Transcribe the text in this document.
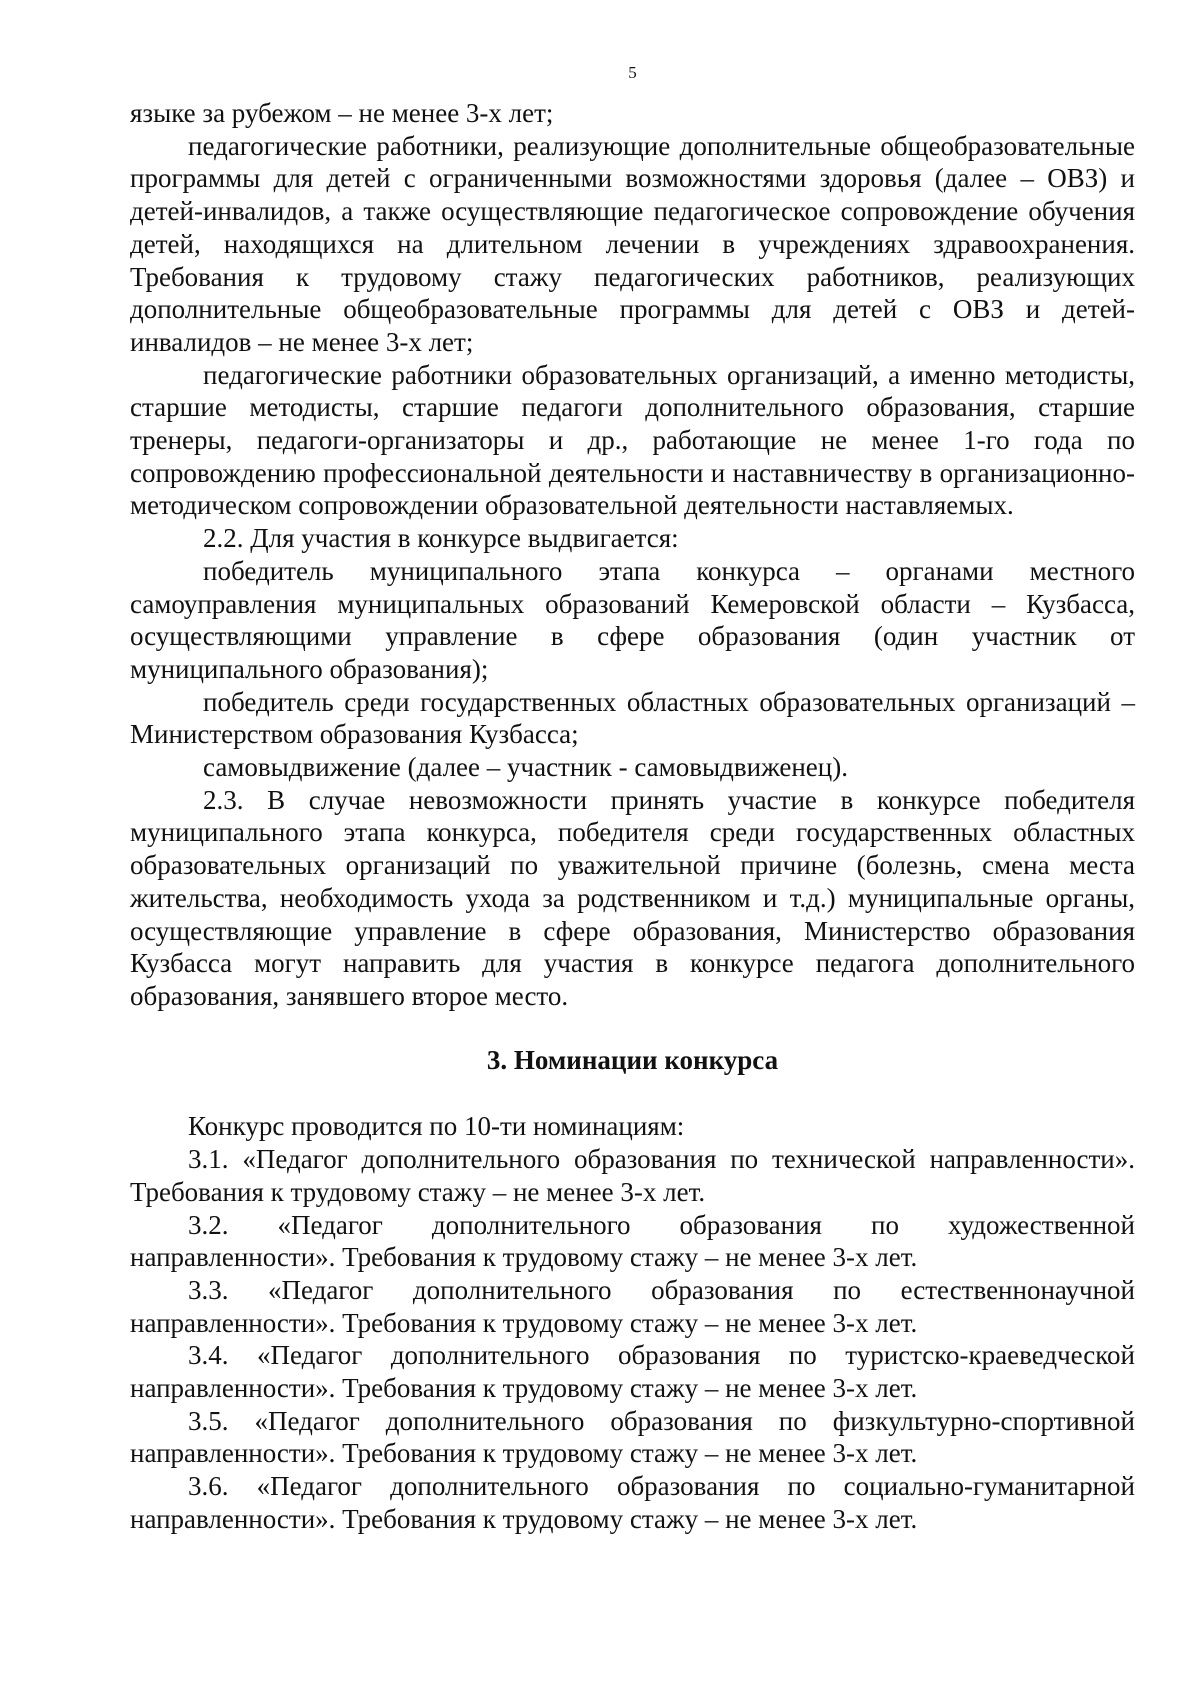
5

языке за рубежом – не менее 3-х лет;

педагогические работники, реализующие дополнительные общеобразовательные программы для детей с ограниченными возможностями здоровья (далее – ОВЗ) и детей-инвалидов, а также осуществляющие педагогическое сопровождение обучения детей, находящихся на длительном лечении в учреждениях здравоохранения. Требования к трудовому стажу педагогических работников, реализующих дополнительные общеобразовательные программы для детей с ОВЗ и детей-инвалидов – не менее 3-х лет;

педагогические работники образовательных организаций, а именно методисты, старшие методисты, старшие педагоги дополнительного образования, старшие тренеры, педагоги-организаторы и др., работающие не менее 1-го года по сопровождению профессиональной деятельности и наставничеству в организационно-методическом сопровождении образовательной деятельности наставляемых.

2.2. Для участия в конкурсе выдвигается:

победитель муниципального этапа конкурса – органами местного самоуправления муниципальных образований Кемеровской области – Кузбасса, осуществляющими управление в сфере образования (один участник от муниципального образования);

победитель среди государственных областных образовательных организаций – Министерством образования Кузбасса;

самовыдвижение (далее – участник - самовыдвиженец).

2.3. В случае невозможности принять участие в конкурсе победителя муниципального этапа конкурса, победителя среди государственных областных образовательных организаций по уважительной причине (болезнь, смена места жительства, необходимость ухода за родственником и т.д.) муниципальные органы, осуществляющие управление в сфере образования, Министерство образования Кузбасса могут направить для участия в конкурсе педагога дополнительного образования, занявшего второе место.

3. Номинации конкурса

Конкурс проводится по 10-ти номинациям:

3.1. «Педагог дополнительного образования по технической направленности». Требования к трудовому стажу – не менее 3-х лет.

3.2. «Педагог дополнительного образования по художественной направленности». Требования к трудовому стажу – не менее 3-х лет.

3.3. «Педагог дополнительного образования по естественнонаучной направленности». Требования к трудовому стажу – не менее 3-х лет.

3.4. «Педагог дополнительного образования по туристско-краеведческой направленности». Требования к трудовому стажу – не менее 3-х лет.

3.5. «Педагог дополнительного образования по физкультурно-спортивной направленности». Требования к трудовому стажу – не менее 3-х лет.

3.6. «Педагог дополнительного образования по социально-гуманитарной направленности». Требования к трудовому стажу – не менее 3-х лет.
